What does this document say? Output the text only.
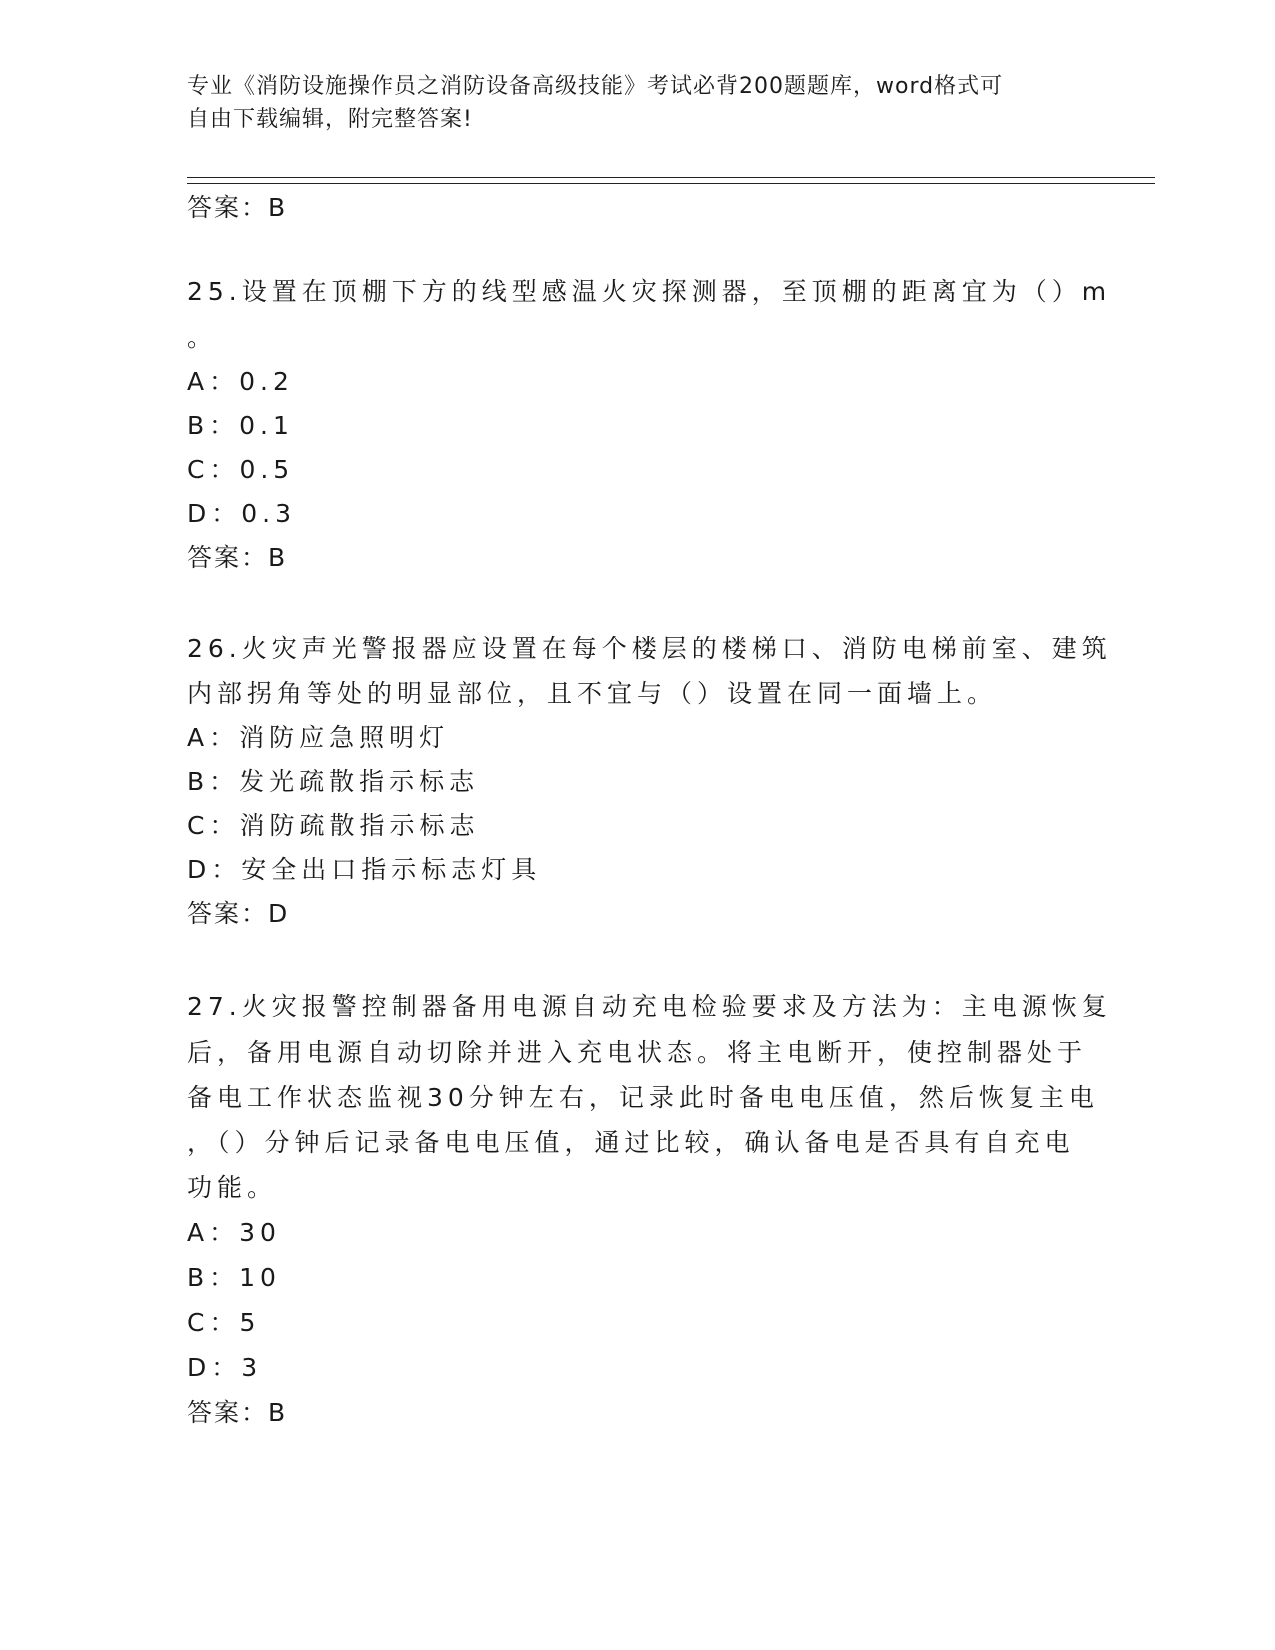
专业《消防设施操作员之消防设备高级技能》考试必背200题题库，word格式可
自由下载编辑，附完整答案!
答案：B
25.设置在顶棚下方的线型感温火灾探测器，至顶棚的距离宜为（）m
。
A：0.2
B：0.1
C：0.5
D：0.3
答案：B
26.火灾声光警报器应设置在每个楼层的楼梯口、消防电梯前室、建筑
内部拐角等处的明显部位，且不宜与（）设置在同一面墙上。
A：消防应急照明灯
B：发光疏散指示标志
C：消防疏散指示标志
D：安全出口指示标志灯具
答案：D
27.火灾报警控制器备用电源自动充电检验要求及方法为：主电源恢复
后，备用电源自动切除并进入充电状态。将主电断开，使控制器处于
备电工作状态监视30分钟左右，记录此时备电电压值，然后恢复主电
，（）分钟后记录备电电压值，通过比较，确认备电是否具有自充电
功能。
A：30
B：10
C：5
D：3
答案：B
